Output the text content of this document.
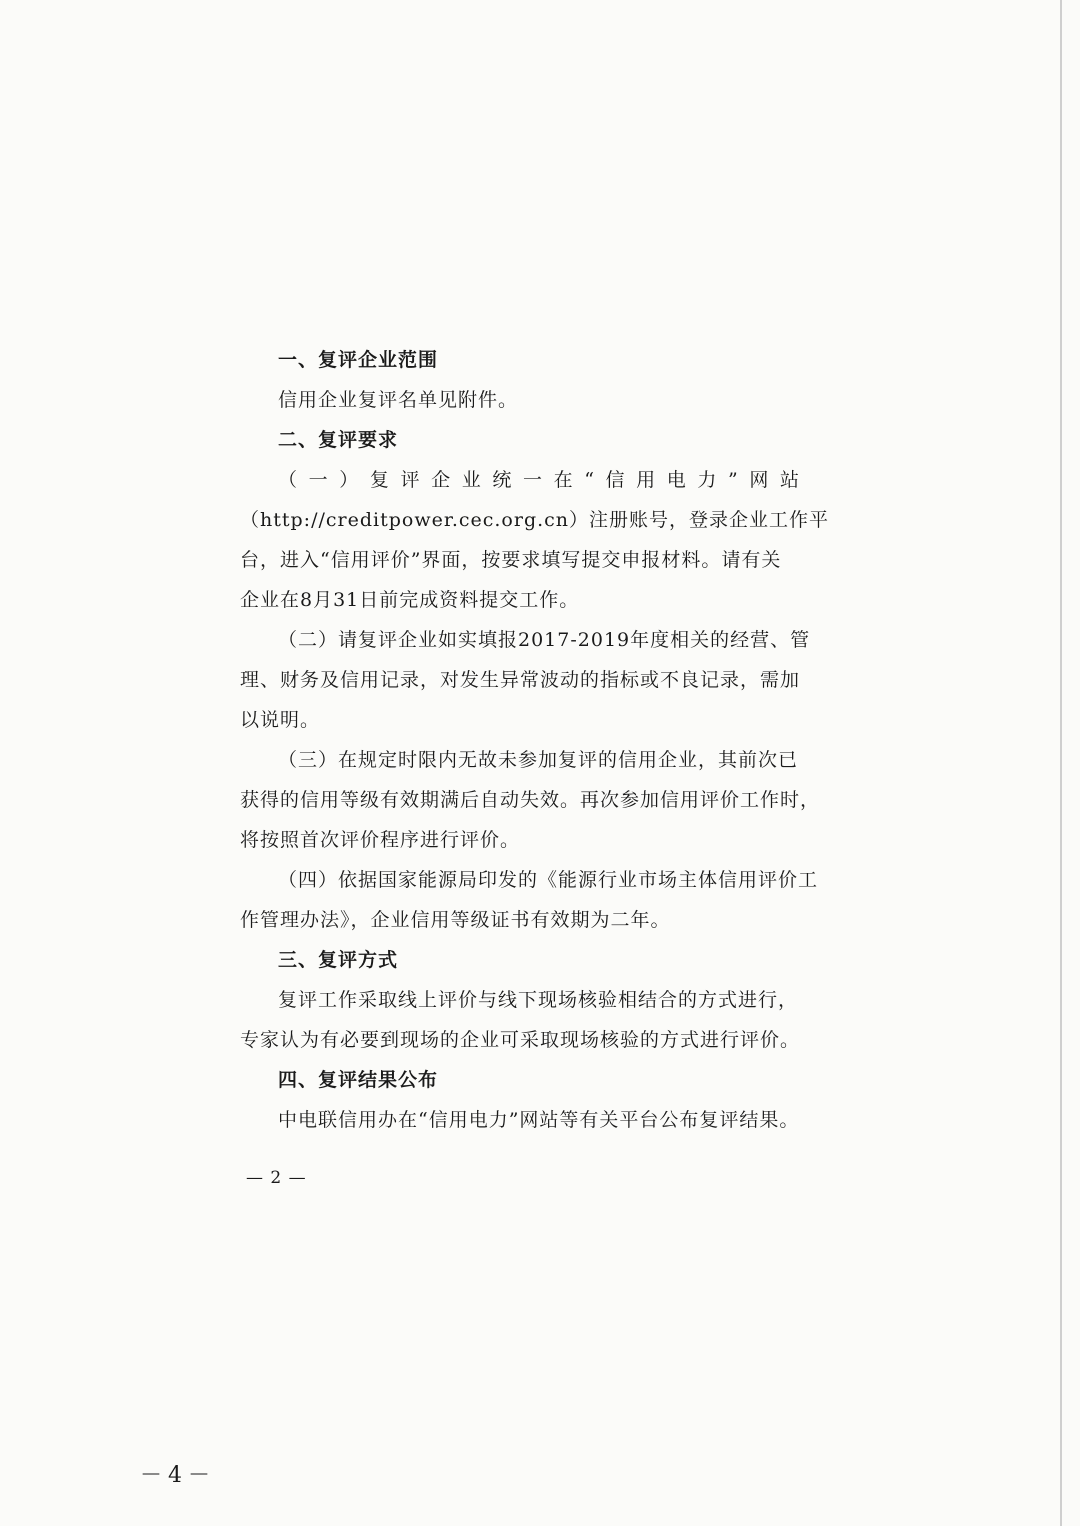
一、复评企业范围
信用企业复评名单见附件。
二、复评要求
（一）复评企业统一在“信用电力”网站
（http://creditpower.cec.org.cn）注册账号，登录企业工作平
台，进入“信用评价”界面，按要求填写提交申报材料。请有关
企业在8月31日前完成资料提交工作。
（二）请复评企业如实填报2017-2019年度相关的经营、管
理、财务及信用记录，对发生异常波动的指标或不良记录，需加
以说明。
（三）在规定时限内无故未参加复评的信用企业，其前次已
获得的信用等级有效期满后自动失效。再次参加信用评价工作时，
将按照首次评价程序进行评价。
（四）依据国家能源局印发的《能源行业市场主体信用评价工
作管理办法》，企业信用等级证书有效期为二年。
三、复评方式
复评工作采取线上评价与线下现场核验相结合的方式进行，
专家认为有必要到现场的企业可采取现场核验的方式进行评价。
四、复评结果公布
中电联信用办在“信用电力”网站等有关平台公布复评结果。
— 2 —
－4－
